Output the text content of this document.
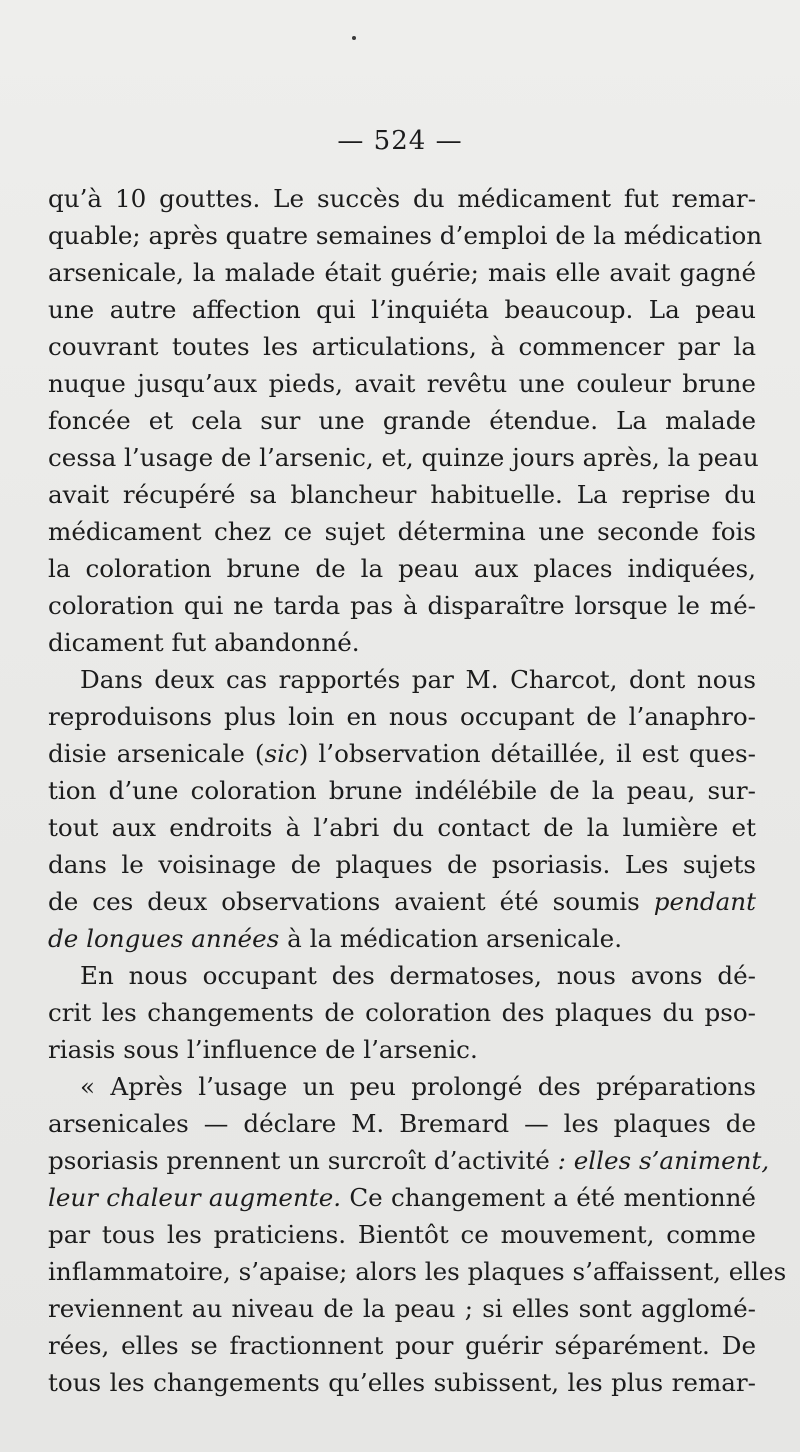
— 524 —
qu’à 10 gouttes. Le succès du médicament fut remar-
quable; après quatre semaines d’emploi de la médication
arsenicale, la malade était guérie; mais elle avait gagné
une autre affection qui l’inquiéta beaucoup. La peau
couvrant toutes les articulations, à commencer par la
nuque jusqu’aux pieds, avait revêtu une couleur brune
foncée et cela sur une grande étendue. La malade
cessa l’usage de l’arsenic, et, quinze jours après, la peau
avait récupéré sa blancheur habituelle. La reprise du
médicament chez ce sujet détermina une seconde fois
la coloration brune de la peau aux places indiquées,
coloration qui ne tarda pas à disparaître lorsque le mé-
dicament fut abandonné.
Dans deux cas rapportés par M. Charcot, dont nous
reproduisons plus loin en nous occupant de l’anaphro-
disie arsenicale (sic) l’observation détaillée, il est ques-
tion d’une coloration brune indélébile de la peau, sur-
tout aux endroits à l’abri du contact de la lumière et
dans le voisinage de plaques de psoriasis. Les sujets
de ces deux observations avaient été soumis pendant
de longues années à la médication arsenicale.
En nous occupant des dermatoses, nous avons dé-
crit les changements de coloration des plaques du pso-
riasis sous l’influence de l’arsenic.
« Après l’usage un peu prolongé des préparations
arsenicales — déclare M. Bremard — les plaques de
psoriasis prennent un surcroît d’activité : elles s’animent,
leur chaleur augmente. Ce changement a été mentionné
par tous les praticiens. Bientôt ce mouvement, comme
inflammatoire, s’apaise; alors les plaques s’affaissent, elles
reviennent au niveau de la peau ; si elles sont agglomé-
rées, elles se fractionnent pour guérir séparément. De
tous les changements qu’elles subissent, les plus remar-
